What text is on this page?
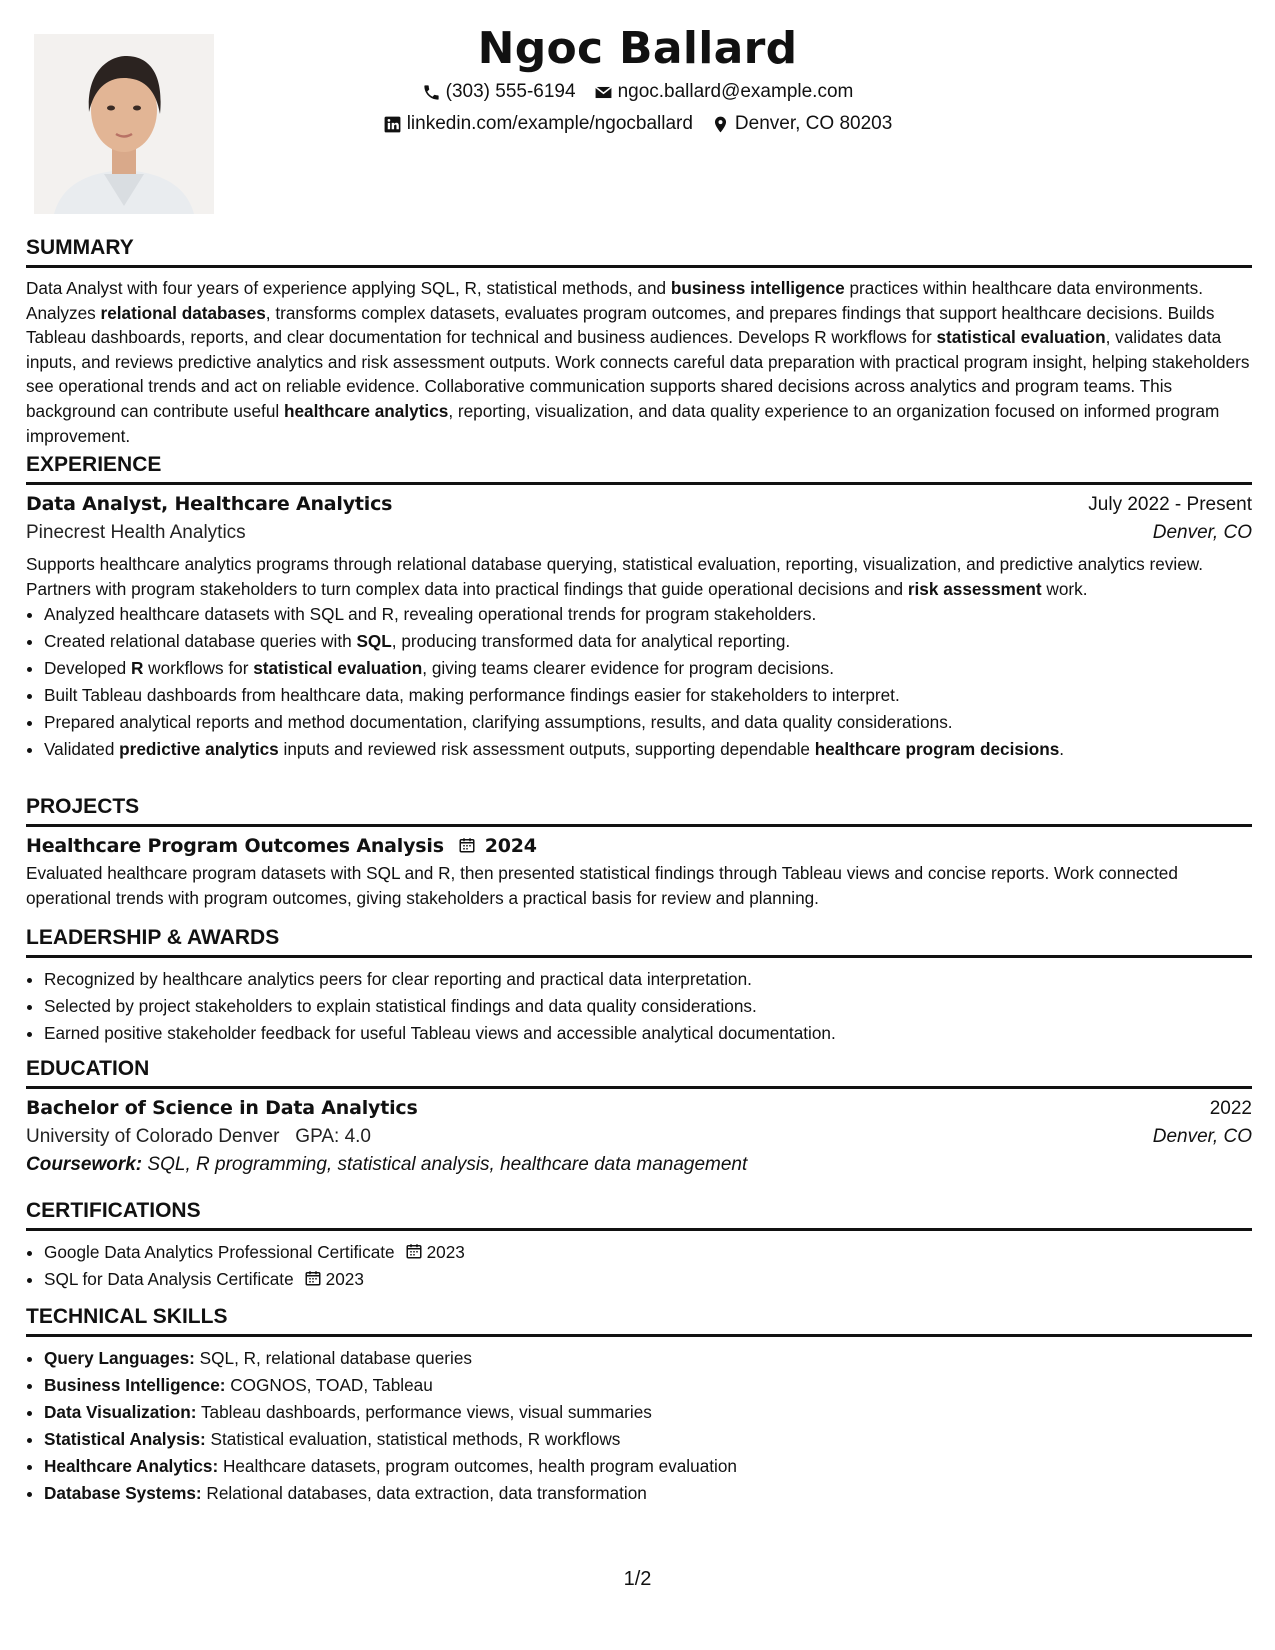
Ngoc Ballard
(303) 555-6194 ngoc.ballard@example.com
linkedin.com/example/ngocballard Denver, CO 80203
SUMMARY

Data Analyst with four years of experience applying SQL, R, statistical methods, and business intelligence practices within healthcare data environments. Analyzes relational databases, transforms complex datasets, evaluates program outcomes, and prepares findings that support healthcare decisions. Builds Tableau dashboards, reports, and clear documentation for technical and business audiences. Develops R workflows for statistical evaluation, validates data inputs, and reviews predictive analytics and risk assessment outputs. Work connects careful data preparation with practical program insight, helping stakeholders see operational trends and act on reliable evidence. Collaborative communication supports shared decisions across analytics and program teams. This background can contribute useful healthcare analytics, reporting, visualization, and data quality experience to an organization focused on informed program improvement.

EXPERIENCE
Data Analyst, Healthcare Analytics	July 2022 - Present
Pinecrest Health Analytics	Denver, CO

Supports healthcare analytics programs through relational database querying, statistical evaluation, reporting, visualization, and predictive analytics review. Partners with program stakeholders to turn complex data into practical findings that guide operational decisions and risk assessment work.

• Analyzed healthcare datasets with SQL and R, revealing operational trends for program stakeholders.
• Created relational database queries with SQL, producing transformed data for analytical reporting.
• Developed R workflows for statistical evaluation, giving teams clearer evidence for program decisions.
• Built Tableau dashboards from healthcare data, making performance findings easier for stakeholders to interpret.
• Prepared analytical reports and method documentation, clarifying assumptions, results, and data quality considerations.
• Validated predictive analytics inputs and reviewed risk assessment outputs, supporting dependable healthcare program decisions.
PROJECTS
Healthcare Program Outcomes Analysis 2024

Evaluated healthcare program datasets with SQL and R, then presented statistical findings through Tableau views and concise reports. Work connected operational trends with program outcomes, giving stakeholders a practical basis for review and planning.

LEADERSHIP & AWARDS
• Recognized by healthcare analytics peers for clear reporting and practical data interpretation.
• Selected by project stakeholders to explain statistical findings and data quality considerations.
• Earned positive stakeholder feedback for useful Tableau views and accessible analytical documentation.
EDUCATION
Bachelor of Science in Data Analytics	2022
University of Colorado Denver GPA: 4.0	Denver, CO
Coursework: SQL, R programming, statistical analysis, healthcare data management
CERTIFICATIONS
• Google Data Analytics Professional Certificate 2023
• SQL for Data Analysis Certificate 2023
TECHNICAL SKILLS
• Query Languages: SQL, R, relational database queries
• Business Intelligence: COGNOS, TOAD, Tableau
• Data Visualization: Tableau dashboards, performance views, visual summaries
• Statistical Analysis: Statistical evaluation, statistical methods, R workflows
• Healthcare Analytics: Healthcare datasets, program outcomes, health program evaluation
• Database Systems: Relational databases, data extraction, data transformation
1/2
